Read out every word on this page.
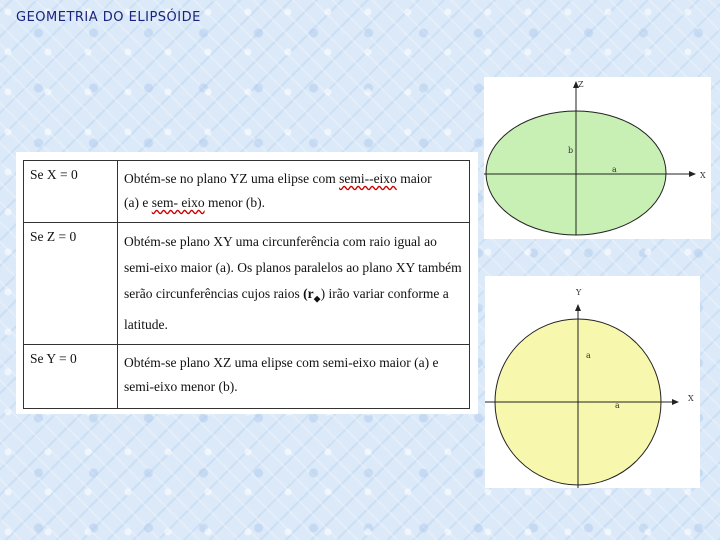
GEOMETRIA DO ELIPSÓIDE
Se X = 0	Obtém-se no plano YZ uma elipse com semi--eixo maior
(a) e sem- eixo menor (b).
Se Z = 0	Obtém-se plano XY uma circunferência com raio igual ao semi-eixo maior (a). Os planos paralelos ao plano XY também serão circunferências cujos raios $(r_◆)$ irão variar conforme a latitude.
Se Y = 0	Obtém-se plano XZ uma elipse com semi-eixo maior (a) e semi-eixo menor (b).
Z
X
b
a
Y
X
a
a
